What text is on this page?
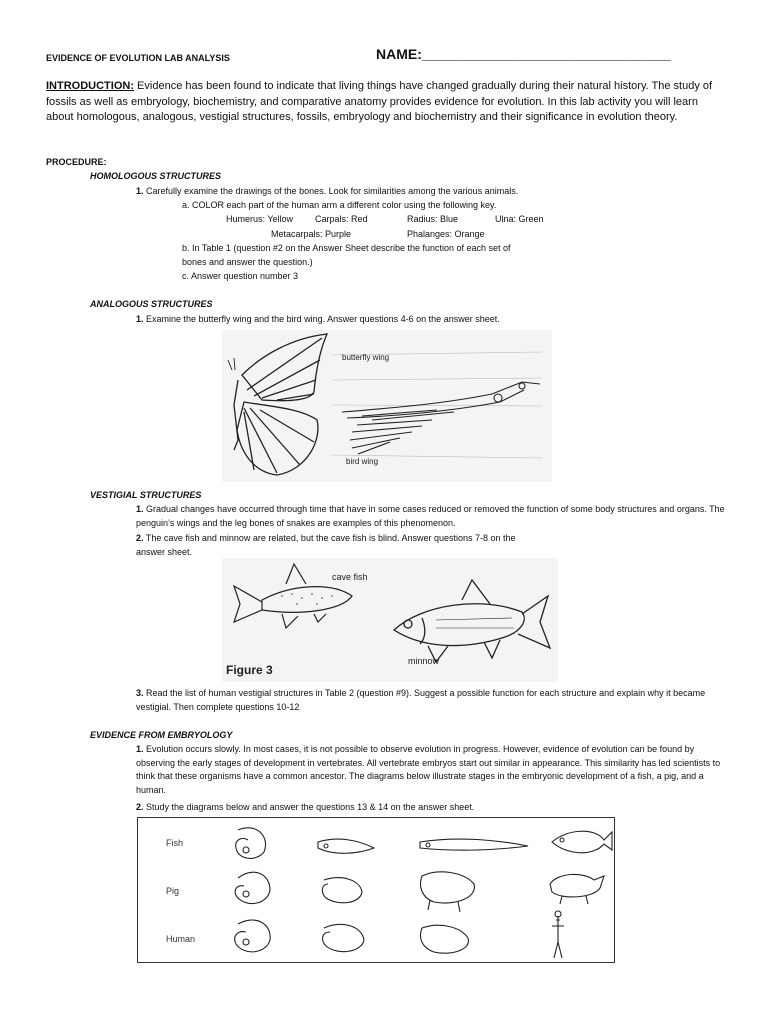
EVIDENCE OF EVOLUTION LAB ANALYSIS	NAME:________________________________
INTRODUCTION: Evidence has been found to indicate that living things have changed gradually during their natural history. The study of fossils as well as embryology, biochemistry, and comparative anatomy provides evidence for evolution. In this lab activity you will learn about homologous, analogous, vestigial structures, fossils, embryology and biochemistry and their significance in evolution theory.
PROCEDURE:
HOMOLOGOUS STRUCTURES
1. Carefully examine the drawings of the bones. Look for similarities among the various animals.
a. COLOR each part of the human arm a different color using the following key.
Humerus: Yellow Carpals: Red	Radius: Blue	Ulna: Green
Metacarpals: Purple	Phalanges: Orange
b. In Table 1 (question #2 on the Answer Sheet describe the function of each set of
bones and answer the question.)
c. Answer question number 3
ANALOGOUS STRUCTURES
1. Examine the butterfly wing and the bird wing. Answer questions 4-6 on the answer sheet.
butterfly wing
bird wing
VESTIGIAL STRUCTURES
1. Gradual changes have occurred through time that have in some cases reduced or removed the function of some body structures and organs. The penguin’s wings and the leg bones of snakes are examples of this phenomenon.
2. The cave fish and minnow are related, but the cave fish is blind. Answer questions 7-8 on the
answer sheet.
cave fish
minnow
Figure 3
3. Read the list of human vestigial structures in Table 2 (question #9). Suggest a possible function for each structure and explain why it became vestigial. Then complete questions 10-12
EVIDENCE FROM EMBRYOLOGY
1. Evolution occurs slowly. In most cases, it is not possible to observe evolution in progress. However, evidence of evolution can be found by observing the early stages of development in vertebrates. All vertebrate embryos start out similar in appearance. This similarity has led scientists to think that these organisms have a common ancestor. The diagrams below illustrate stages in the embryonic development of a fish, a pig, and a human.
2. Study the diagrams below and answer the questions 13 & 14 on the answer sheet.
Fish
Pig
Human
